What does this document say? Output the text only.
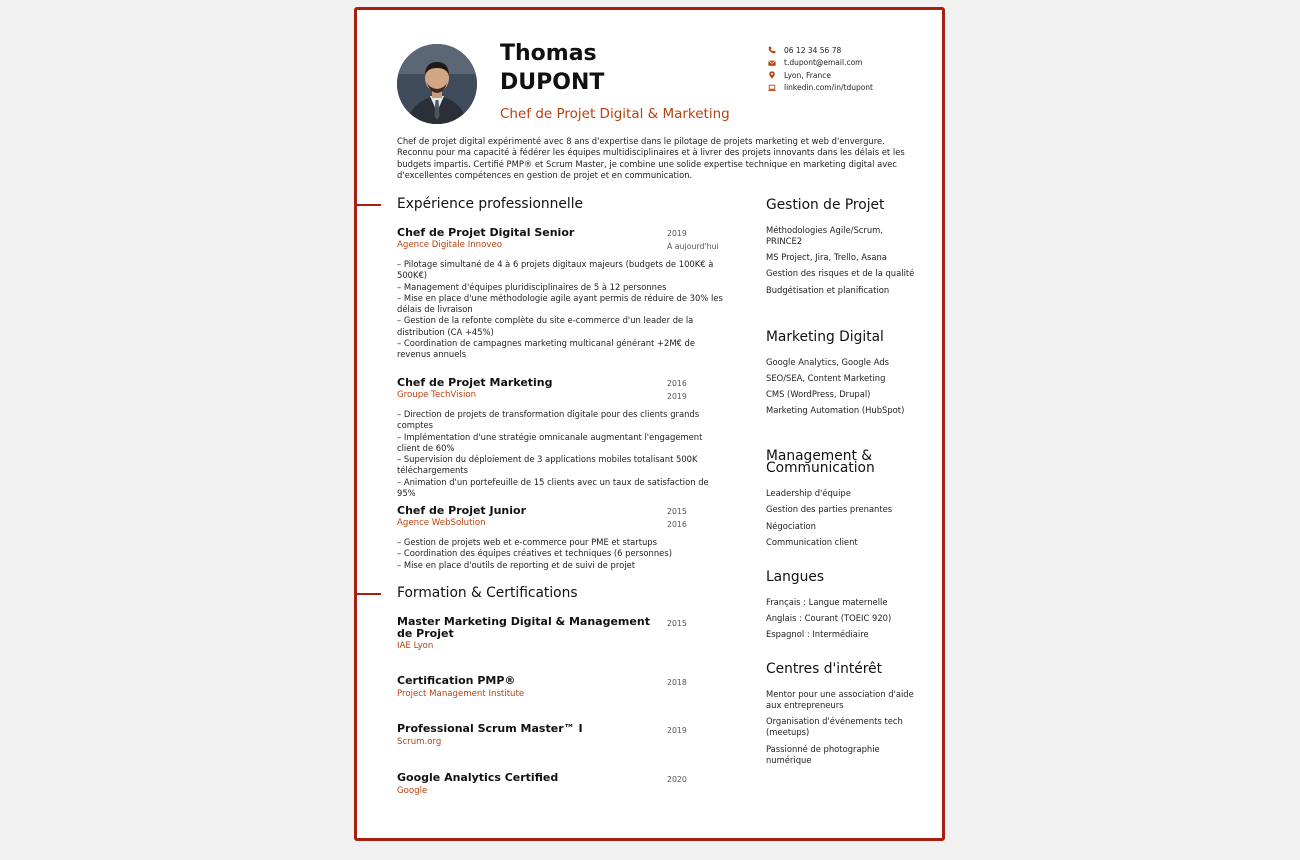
Thomas
DUPONT
Chef de Projet Digital & Marketing
06 12 34 56 78
t.dupont@email.com
Lyon, France
linkedin.com/in/tdupont

Chef de projet digital expérimenté avec 8 ans d'expertise dans le pilotage de projets marketing et web d'envergure. Reconnu pour ma capacité à fédérer les équipes multidisciplinaires et à livrer des projets innovants dans les délais et les budgets impartis. Certifié PMP® et Scrum Master, je combine une solide expertise technique en marketing digital avec d'excellentes compétences en gestion de projet et en communication.

Expérience professionnelle
Chef de Projet Digital Senior
Agence Digitale Innoveo
2019
À aujourd'hui
– Pilotage simultané de 4 à 6 projets digitaux majeurs (budgets de 100K€ à 500K€)
– Management d'équipes pluridisciplinaires de 5 à 12 personnes
– Mise en place d'une méthodologie agile ayant permis de réduire de 30% les délais de livraison
– Gestion de la refonte complète du site e-commerce d'un leader de la distribution (CA +45%)
– Coordination de campagnes marketing multicanal générant +2M€ de revenus annuels
Chef de Projet Marketing
Groupe TechVision
2016
2019
– Direction de projets de transformation digitale pour des clients grands comptes
– Implémentation d'une stratégie omnicanale augmentant l'engagement client de 60%
– Supervision du déploiement de 3 applications mobiles totalisant 500K téléchargements
– Animation d'un portefeuille de 15 clients avec un taux de satisfaction de 95%
Chef de Projet Junior
Agence WebSolution
2015
2016
– Gestion de projets web et e-commerce pour PME et startups
– Coordination des équipes créatives et techniques (6 personnes)
– Mise en place d'outils de reporting et de suivi de projet
Formation & Certifications
Master Marketing Digital & Management de Projet
IAE Lyon
2015
Certification PMP®
Project Management Institute
2018
Professional Scrum Master™ I
Scrum.org
2019
Google Analytics Certified
Google
2020
Gestion de Projet
Méthodologies Agile/Scrum, PRINCE2
MS Project, Jira, Trello, Asana
Gestion des risques et de la qualité
Budgétisation et planification
Marketing Digital
Google Analytics, Google Ads
SEO/SEA, Content Marketing
CMS (WordPress, Drupal)
Marketing Automation (HubSpot)
Management & Communication
Leadership d'équipe
Gestion des parties prenantes
Négociation
Communication client
Langues
Français : Langue maternelle
Anglais : Courant (TOEIC 920)
Espagnol : Intermédiaire
Centres d'intérêt
Mentor pour une association d'aide aux entrepreneurs
Organisation d'événements tech (meetups)
Passionné de photographie numérique
